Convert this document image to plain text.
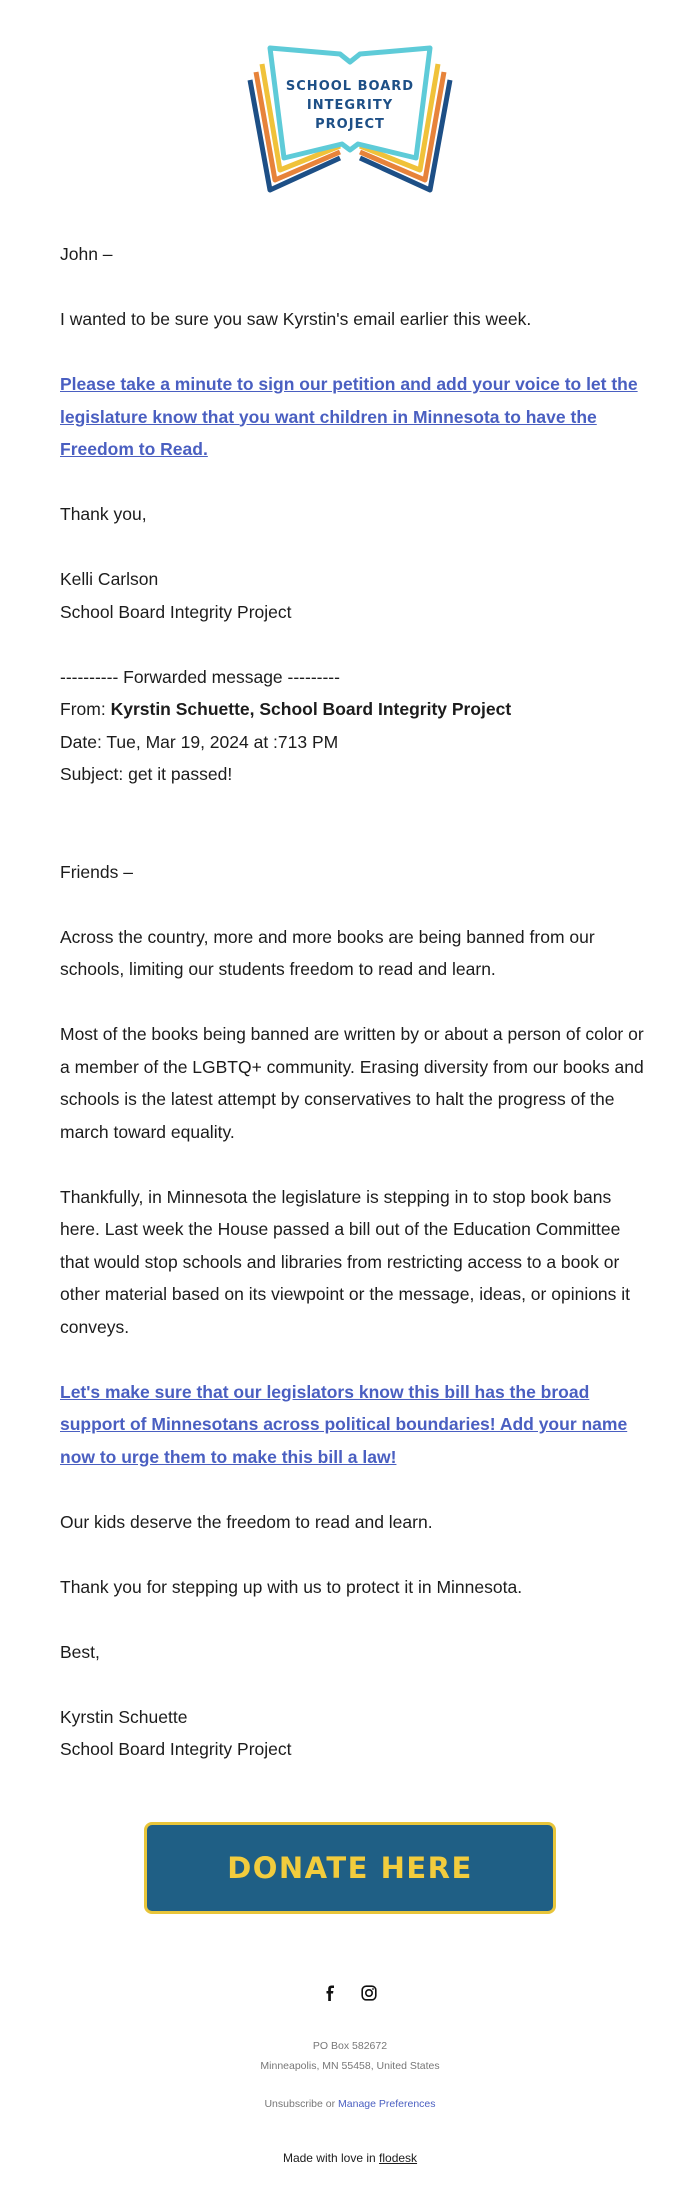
SCHOOL BOARD
INTEGRITY
PROJECT

John –

I wanted to be sure you saw Kyrstin's email earlier this week.

Please take a minute to sign our petition and add your voice to let the legislature know that you want children in Minnesota to have the Freedom to Read.

Thank you,

Kelli Carlson
School Board Integrity Project

---------- Forwarded message ---------

From: Kyrstin Schuette, School Board Integrity Project

Date: Tue, Mar 19, 2024 at :713 PM

Subject: get it passed!

Friends –

Across the country, more and more books are being banned from our schools, limiting our students freedom to read and learn.

Most of the books being banned are written by or about a person of color or a member of the LGBTQ+ community. Erasing diversity from our books and schools is the latest attempt by conservatives to halt the progress of the march toward equality.

Thankfully, in Minnesota the legislature is stepping in to stop book bans here. Last week the House passed a bill out of the Education Committee that would stop schools and libraries from restricting access to a book or other material based on its viewpoint or the message, ideas, or opinions it conveys.

Let's make sure that our legislators know this bill has the broad support of Minnesotans across political boundaries! Add your name now to urge them to make this bill a law!

Our kids deserve the freedom to read and learn.

Thank you for stepping up with us to protect it in Minnesota.

Best,

Kyrstin Schuette
School Board Integrity Project

DONATE HERE

PO Box 582672
Minneapolis, MN 55458, United States
Unsubscribe or Manage Preferences
Made with love in flodesk
